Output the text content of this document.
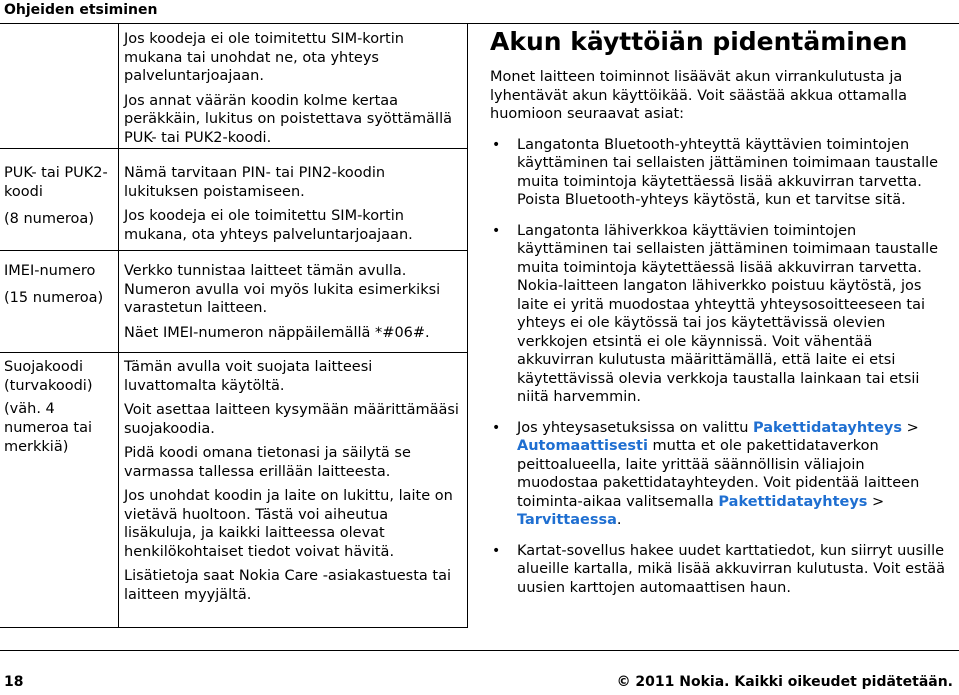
Ohjeiden etsiminen

Jos koodeja ei ole toimitettu SIM-kortin mukana tai unohdat ne, ota yhteys palveluntarjoajaan.

Jos annat väärän koodin kolme kertaa peräkkäin, lukitus on poistettava syöttämällä PUK- tai PUK2-koodi.

PUK- tai PUK2-koodi

(8 numeroa)

Nämä tarvitaan PIN- tai PIN2-koodin lukituksen poistamiseen.

Jos koodeja ei ole toimitettu SIM-kortin mukana, ota yhteys palveluntarjoajaan.

IMEI-numero

(15 numeroa)

Verkko tunnistaa laitteet tämän avulla. Numeron avulla voi myös lukita esimerkiksi varastetun laitteen.

Näet IMEI-numeron näppäilemällä *#06#.

Suojakoodi (turvakoodi)

(väh. 4 numeroa tai merkkiä)

Tämän avulla voit suojata laitteesi luvattomalta käytöltä.

Voit asettaa laitteen kysymään määrittämääsi suojakoodia.

Pidä koodi omana tietonasi ja säilytä se varmassa tallessa erillään laitteesta.

Jos unohdat koodin ja laite on lukittu, laite on vietävä huoltoon. Tästä voi aiheutua lisäkuluja, ja kaikki laitteessa olevat henkilökohtaiset tiedot voivat hävitä.

Lisätietoja saat Nokia Care -asiakastuesta tai laitteen myyjältä.

Akun käyttöiän pidentäminen

Monet laitteen toiminnot lisäävät akun virrankulutusta ja lyhentävät akun käyttöikää. Voit säästää akkua ottamalla huomioon seuraavat asiat:

• Langatonta Bluetooth-yhteyttä käyttävien toimintojen käyttäminen tai sellaisten jättäminen toimimaan taustalle muita toimintoja käytettäessä lisää akkuvirran tarvetta. Poista Bluetooth-yhteys käytöstä, kun et tarvitse sitä.
• Langatonta lähiverkkoa käyttävien toimintojen käyttäminen tai sellaisten jättäminen toimimaan taustalle muita toimintoja käytettäessä lisää akkuvirran tarvetta. Nokia-laitteen langaton lähiverkko poistuu käytöstä, jos laite ei yritä muodostaa yhteyttä yhteysosoitteeseen tai yhteys ei ole käytössä tai jos käytettävissä olevien verkkojen etsintä ei ole käynnissä. Voit vähentää akkuvirran kulutusta määrittämällä, että laite ei etsi käytettävissä olevia verkkoja taustalla lainkaan tai etsii niitä harvemmin.
• Jos yhteysasetuksissa on valittu Pakettidatayhteys > Automaattisesti mutta et ole pakettidataverkon peittoalueella, laite yrittää säännöllisin väliajoin muodostaa pakettidatayhteyden. Voit pidentää laitteen toiminta-aikaa valitsemalla Pakettidatayhteys > Tarvittaessa.
• Kartat-sovellus hakee uudet karttatiedot, kun siirryt uusille alueille kartalla, mikä lisää akkuvirran kulutusta. Voit estää uusien karttojen automaattisen haun.
18	© 2011 Nokia. Kaikki oikeudet pidätetään.
